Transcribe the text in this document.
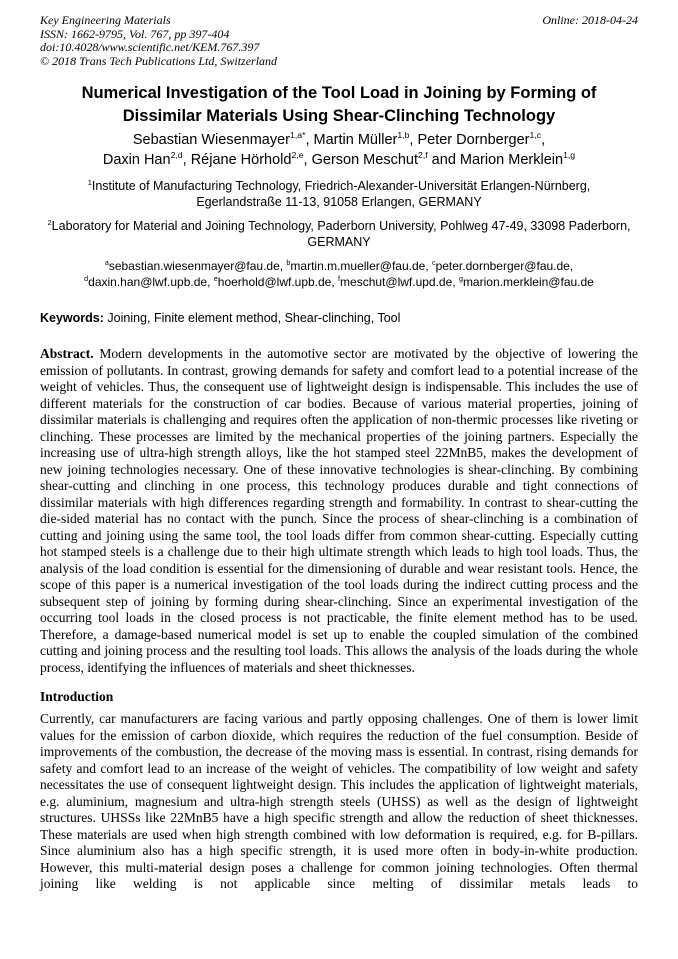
Key Engineering Materials
ISSN: 1662-9795, Vol. 767, pp 397-404
doi:10.4028/www.scientific.net/KEM.767.397
© 2018 Trans Tech Publications Ltd, Switzerland
Online: 2018-04-24
Numerical Investigation of the Tool Load in Joining by Forming of Dissimilar Materials Using Shear-Clinching Technology
Sebastian Wiesenmayer$^{1,a*}$, Martin Müller$^{1,b}$, Peter Dornberger$^{1,c}$,
Daxin Han$^{2,d}$, Réjane Hörhold$^{2,e}$, Gerson Meschut$^{2,f}$ and Marion Merklein$^{1,g}$
$^1$Institute of Manufacturing Technology, Friedrich-Alexander-Universität Erlangen-Nürnberg, Egerlandstraße 11-13, 91058 Erlangen, GERMANY
$^2$Laboratory for Material and Joining Technology, Paderborn University, Pohlweg 47-49, 33098 Paderborn, GERMANY
$^a$sebastian.wiesenmayer@fau.de, $^b$martin.m.mueller@fau.de, $^c$peter.dornberger@fau.de,
$^d$daxin.han@lwf.upb.de, $^e$hoerhold@lwf.upb.de, $^f$meschut@lwf.upd.de, $^g$marion.merklein@fau.de
Keywords: Joining, Finite element method, Shear-clinching, Tool

Abstract. Modern developments in the automotive sector are motivated by the objective of lowering the emission of pollutants. In contrast, growing demands for safety and comfort lead to a potential increase of the weight of vehicles. Thus, the consequent use of lightweight design is indispensable. This includes the use of different materials for the construction of car bodies. Because of various material properties, joining of dissimilar materials is challenging and requires often the application of non-thermic processes like riveting or clinching. These processes are limited by the mechanical properties of the joining partners. Especially the increasing use of ultra-high strength alloys, like the hot stamped steel 22MnB5, makes the development of new joining technologies necessary. One of these innovative technologies is shear-clinching. By combining shear-cutting and clinching in one process, this technology produces durable and tight connections of dissimilar materials with high differences regarding strength and formability. In contrast to shear-cutting the die-sided material has no contact with the punch. Since the process of shear-clinching is a combination of cutting and joining using the same tool, the tool loads differ from common shear-cutting. Especially cutting hot stamped steels is a challenge due to their high ultimate strength which leads to high tool loads. Thus, the analysis of the load condition is essential for the dimensioning of durable and wear resistant tools. Hence, the scope of this paper is a numerical investigation of the tool loads during the indirect cutting process and the subsequent step of joining by forming during shear-clinching. Since an experimental investigation of the occurring tool loads in the closed process is not practicable, the finite element method has to be used. Therefore, a damage-based numerical model is set up to enable the coupled simulation of the combined cutting and joining process and the resulting tool loads. This allows the analysis of the loads during the whole process, identifying the influences of materials and sheet thicknesses.

Introduction

Currently, car manufacturers are facing various and partly opposing challenges. One of them is lower limit values for the emission of carbon dioxide, which requires the reduction of the fuel consumption. Beside of improvements of the combustion, the decrease of the moving mass is essential. In contrast, rising demands for safety and comfort lead to an increase of the weight of vehicles. The compatibility of low weight and safety necessitates the use of consequent lightweight design. This includes the application of lightweight materials, e.g. aluminium, magnesium and ultra-high strength steels (UHSS) as well as the design of lightweight structures. UHSSs like 22MnB5 have a high specific strength and allow the reduction of sheet thicknesses. These materials are used when high strength combined with low deformation is required, e.g. for B-pillars. Since aluminium also has a high specific strength, it is used more often in body-in-white production. However, this multi-material design poses a challenge for common joining technologies. Often thermal joining like welding is not applicable since melting of dissimilar metals leads to
